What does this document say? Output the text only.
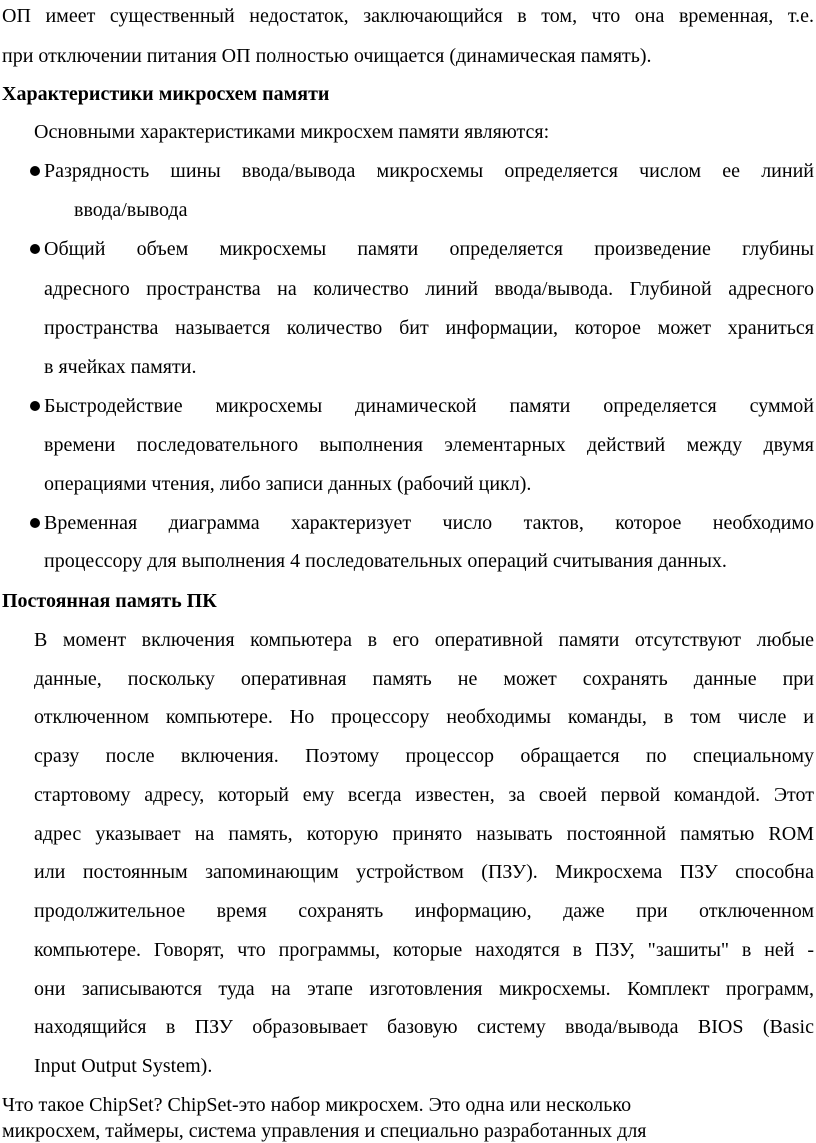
ОП имеет существенный недостаток, заключающийся в том, что она временная, т.е.
при отключении питания ОП полностью очищается (динамическая память).
Характеристики микросхем памяти
Основными характеристиками микросхем памяти являются:
Разрядность шины ввода/вывода микросхемы определяется числом ее линий
ввода/вывода
Общий объем микросхемы памяти определяется произведение глубины
адресного пространства на количество линий ввода/вывода. Глубиной адресного
пространства называется количество бит информации, которое может храниться
в ячейках памяти.
Быстродействие микросхемы динамической памяти определяется суммой
времени последовательного выполнения элементарных действий между двумя
операциями чтения, либо записи данных (рабочий цикл).
Временная диаграмма характеризует число тактов, которое необходимо
процессору для выполнения 4 последовательных операций считывания данных.
Постоянная память ПК
В момент включения компьютера в его оперативной памяти отсутствуют любые
данные, поскольку оперативная память не может сохранять данные при
отключенном компьютере. Но процессору необходимы команды, в том числе и
сразу после включения. Поэтому процессор обращается по специальному
стартовому адресу, который ему всегда известен, за своей первой командой. Этот
адрес указывает на память, которую принято называть постоянной памятью ROM
или постоянным запоминающим устройством (ПЗУ). Микросхема ПЗУ способна
продолжительное время сохранять информацию, даже при отключенном
компьютере. Говорят, что программы, которые находятся в ПЗУ, "зашиты" в ней -
они записываются туда на этапе изготовления микросхемы. Комплект программ,
находящийся в ПЗУ образовывает базовую систему ввода/вывода BIOS (Basic
Input Output System).
Что такое ChipSet? ChipSet-это набор микросхем. Это одна или несколько
микросхем, таймеры, система управления и специально разработанных для
